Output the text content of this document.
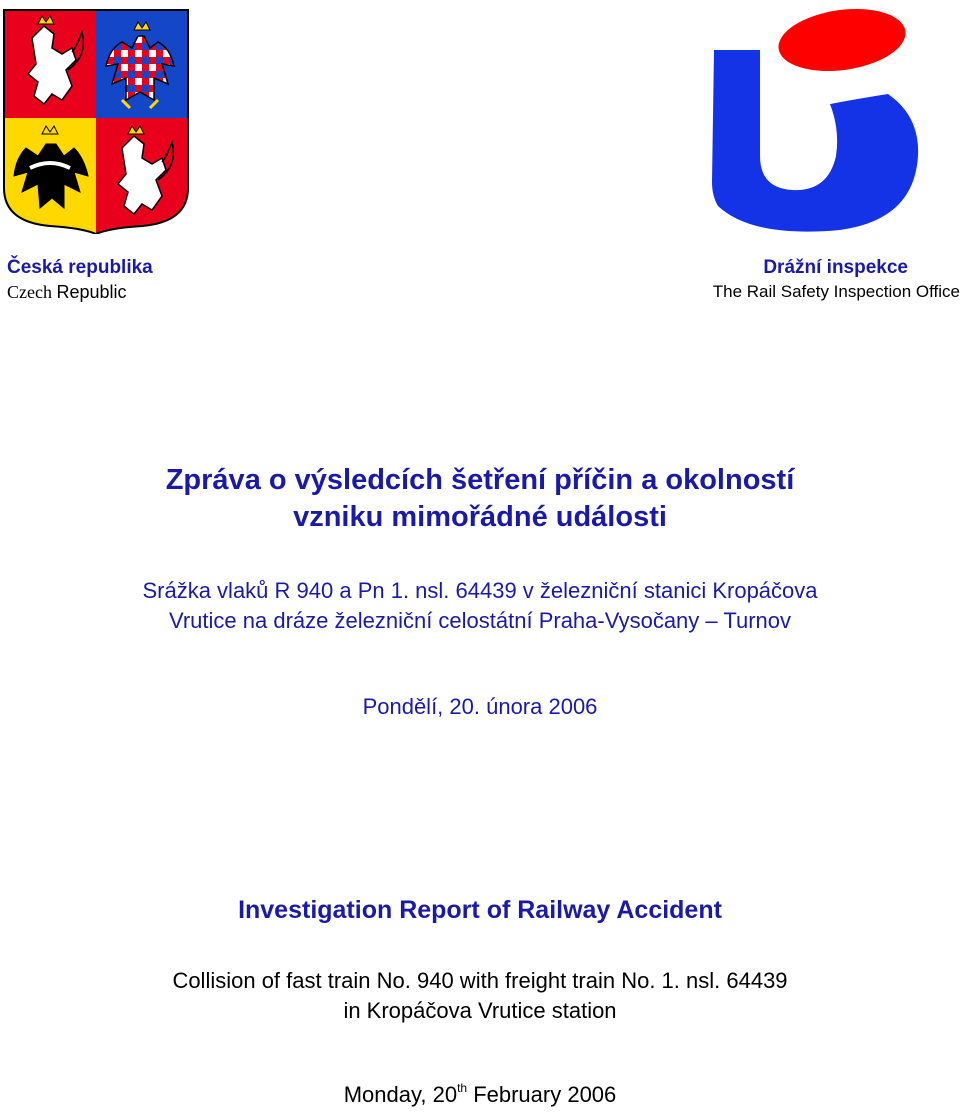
Česká republika
Czech Republic
Drážní inspekce
The Rail Safety Inspection Office
Zpráva o výsledcích šetření příčin a okolností
vzniku mimořádné události
Srážka vlaků R 940 a Pn 1. nsl. 64439 v železniční stanici Kropáčova
Vrutice na dráze železniční celostátní Praha-Vysočany – Turnov
Pondělí, 20. února 2006
Investigation Report of Railway Accident
Collision of fast train No. 940 with freight train No. 1. nsl. 64439
in Kropáčova Vrutice station
Monday, 20th February 2006
